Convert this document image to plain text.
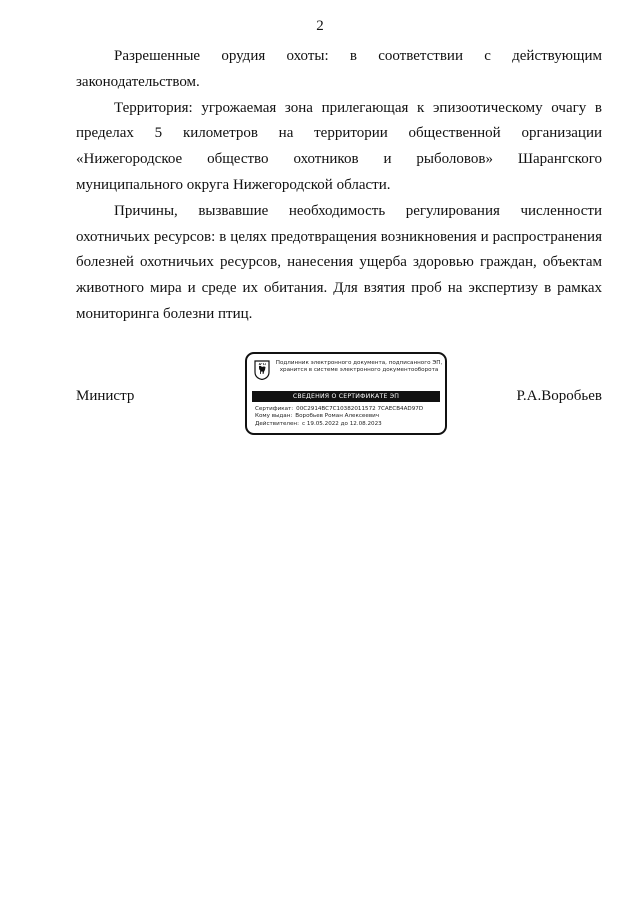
2

Разрешенные орудия охоты: в соответствии с действующим законодательством.

Территория: угрожаемая зона прилегающая к эпизоотическому очагу в пределах 5 километров на территории общественной организации «Нижегородское общество охотников и рыболовов» Шарангского муниципального округа Нижегородской области.

Причины, вызвавшие необходимость регулирования численности охотничьих ресурсов: в целях предотвращения возникновения и распространения болезней охотничьих ресурсов, нанесения ущерба здоровью граждан, объектам животного мира и среде их обитания. Для взятия проб на экспертизу в рамках мониторинга болезни птиц.

Министр
Подлинник электронного документа, подписанного ЭП,
хранится в системе электронного документооборота
СВЕДЕНИЯ О СЕРТИФИКАТЕ ЭП
Сертификат: 00C2914BC7C10382011572 7CAECB4AD97D
Кому выдан: Воробьев Роман Алексеевич
Действителен: с 19.05.2022 до 12.08.2023
Р.А.Воробьев
